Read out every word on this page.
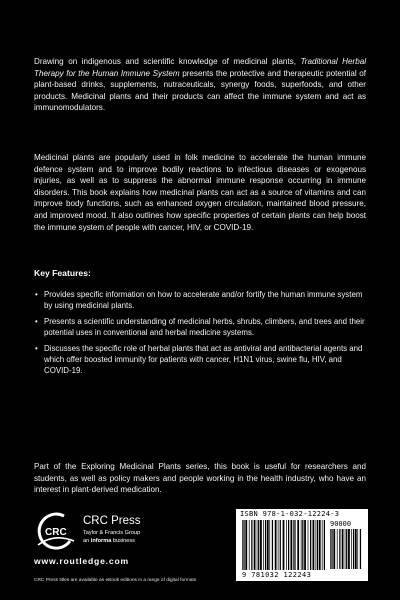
Drawing on indigenous and scientific knowledge of medicinal plants, Traditional Herbal Therapy for the Human Immune System presents the protective and therapeutic potential of plant-based drinks, supplements, nutraceuticals, synergy foods, superfoods, and other products. Medicinal plants and their products can affect the immune system and act as immunomodulators.

Medicinal plants are popularly used in folk medicine to accelerate the human immune defence system and to improve bodily reactions to infectious diseases or exogenous injuries, as well as to suppress the abnormal immune response occurring in immune disorders. This book explains how medicinal plants can act as a source of vitamins and can improve body functions, such as enhanced oxygen circulation, maintained blood pressure, and improved mood. It also outlines how specific properties of certain plants can help boost the immune system of people with cancer, HIV, or COVID-19.

Key Features:
• Provides specific information on how to accelerate and/or fortify the human immune system by using medicinal plants.
• Presents a scientific understanding of medicinal herbs, shrubs, climbers, and trees and their potential uses in conventional and herbal medicine systems.
• Discusses the specific role of herbal plants that act as antiviral and antibacterial agents and which offer boosted immunity for patients with cancer, H1N1 virus, swine flu, HIV, and COVID-19.

Part of the Exploring Medicinal Plants series, this book is useful for researchers and students, as well as policy makers and people working in the health industry, who have an interest in plant-derived medication.

CRC
CRC Press
Taylor & Francis Group
an informa business
www.routledge.com
CRC Press titles are available as eBook editions in a range of digital formats
ISBN 978-1-032-12224-3
90000
9 781032 122243
